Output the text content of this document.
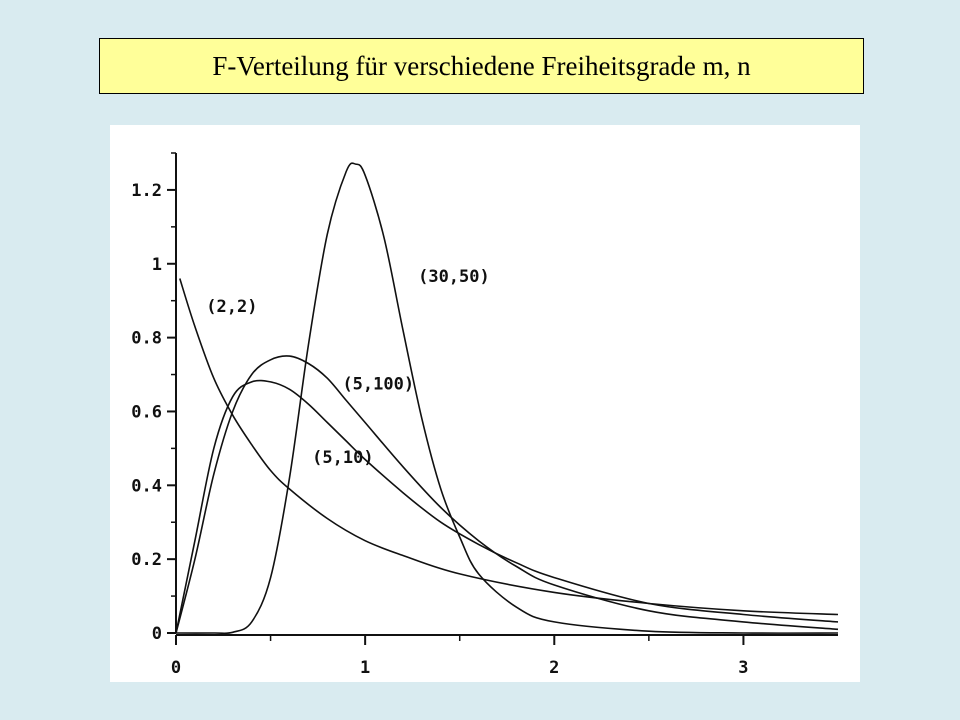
F-Verteilung für verschiedene Freiheitsgrade m, n
0
0.2
0.4
0.6
0.8
1
1.2
0	1	2	3
(2,2)
(5,10)
(5,100)
(30,50)
